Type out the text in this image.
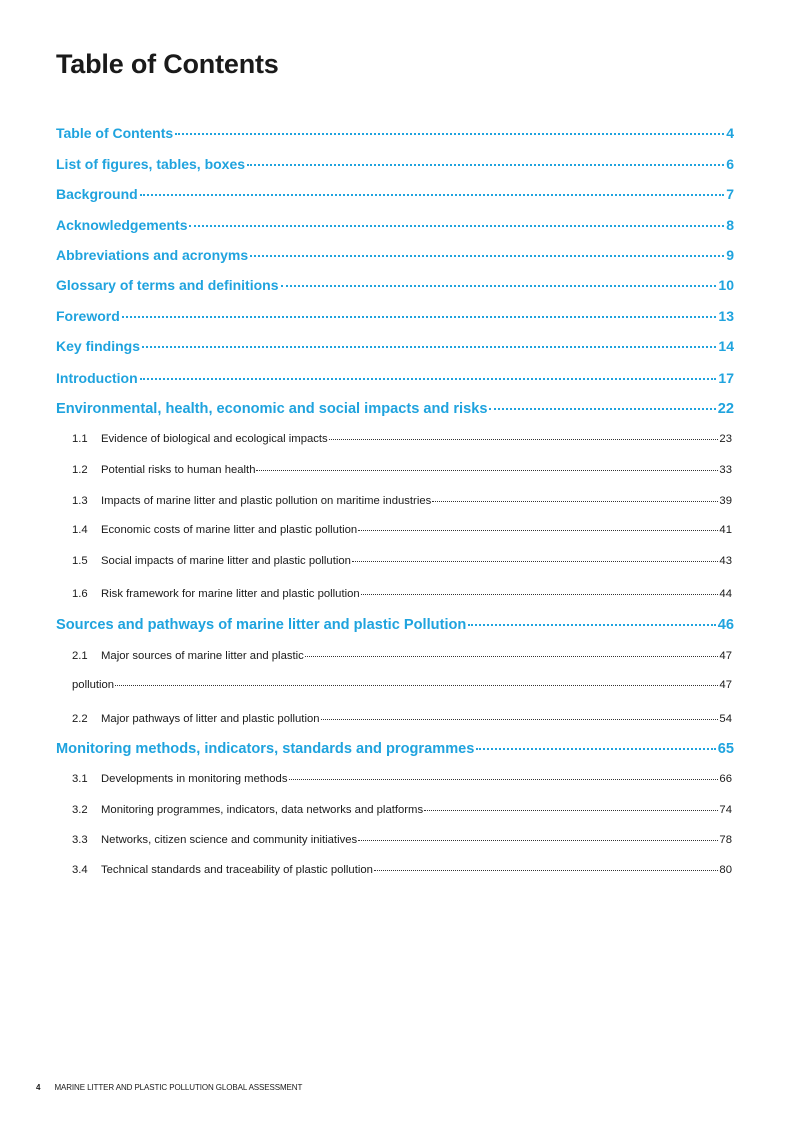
Table of Contents
Table of Contents	4
List of figures, tables, boxes	6
Background	7
Acknowledgements	8
Abbreviations and acronyms	9
Glossary of terms and definitions	10
Foreword	13
Key findings	14
Introduction	17
Environmental, health, economic and social impacts and risks	22
1.1	Evidence of biological and ecological impacts	23
1.2	Potential risks to human health	33
1.3	Impacts of marine litter and plastic pollution on maritime industries	39
1.4	Economic costs of marine litter and plastic pollution	41
1.5	Social impacts of marine litter and plastic pollution	43
1.6	Risk framework for marine litter and plastic pollution	44
Sources and pathways of marine litter and plastic Pollution	46
2.1	Major sources of marine litter and plastic	47
pollution	47
2.2	Major pathways of litter and plastic pollution	54
Monitoring methods, indicators, standards and programmes	65
3.1	Developments in monitoring methods	66
3.2	Monitoring programmes, indicators, data networks and platforms	74
3.3	Networks, citizen science and community initiatives	78
3.4	Technical standards and traceability of plastic pollution	80
4 MARINE LITTER AND PLASTIC POLLUTION GLOBAL ASSESSMENT
